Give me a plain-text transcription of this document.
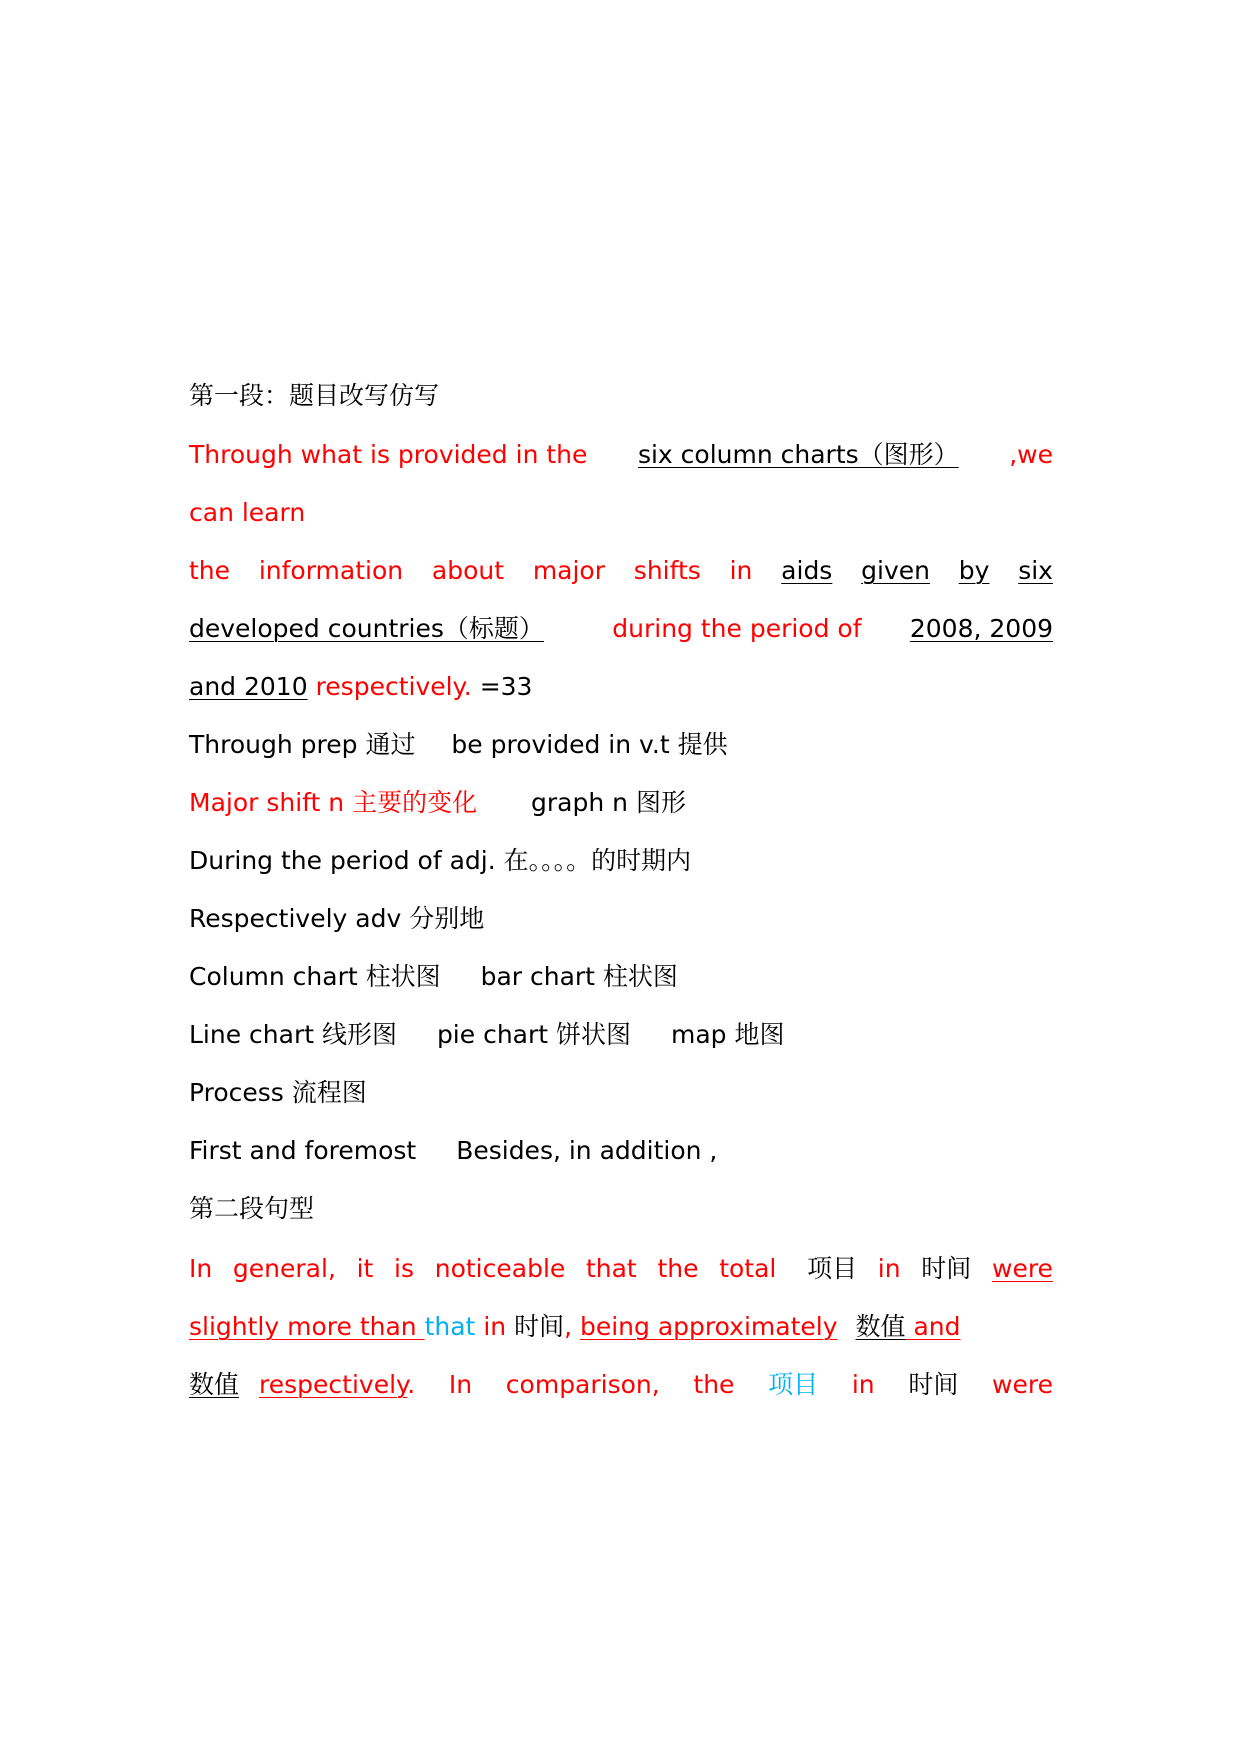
第一段：题目改写仿写
Through what is provided in the six column charts（图形） ,we
can learn
the information about major shifts in aids given by six
developed countries（标题）	during the period of 2008, 2009
and 2010 respectively. =33
Through prep 通过 be provided in v.t 提供
Major shift n 主要的变化 graph n 图形
During the period of adj. 在。。。。的时期内
Respectively adv 分别地
Column chart 柱状图 bar chart 柱状图
Line chart 线形图 pie chart 饼状图 map 地图
Process 流程图
First and foremost Besides, in addition ,
第二段句型
In general, it is noticeable that the total 项目 in 时间 were
slightly more than that in 时间, being approximately 数值 and
数值 respectively. In comparison, the 项目 in 时间 were
